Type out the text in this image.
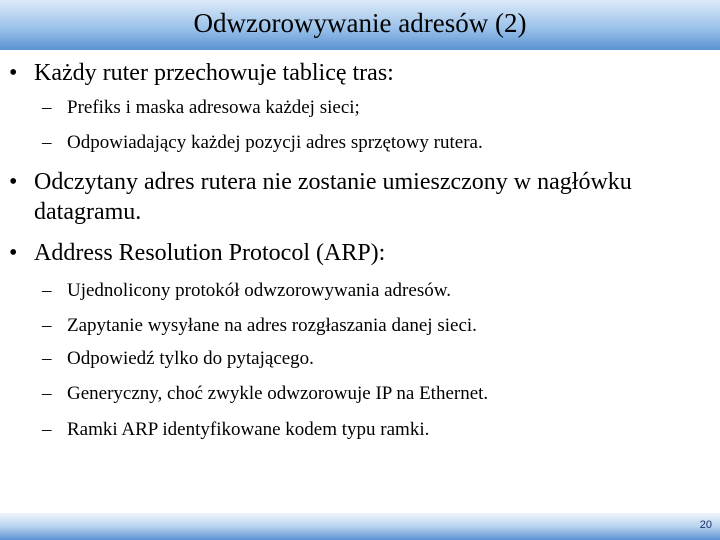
Odwzorowywanie adresów (2)
• Każdy ruter przechowuje tablicę tras:
– Prefiks i maska adresowa każdej sieci;
– Odpowiadający każdej pozycji adres sprzętowy rutera.
• Odczytany adres rutera nie zostanie umieszczony w nagłówku datagramu.
• Address Resolution Protocol (ARP):
– Ujednolicony protokół odwzorowywania adresów.
– Zapytanie wysyłane na adres rozgłaszania danej sieci.
– Odpowiedź tylko do pytającego.
– Generyczny, choć zwykle odwzorowuje IP na Ethernet.
– Ramki ARP identyfikowane kodem typu ramki.
20
